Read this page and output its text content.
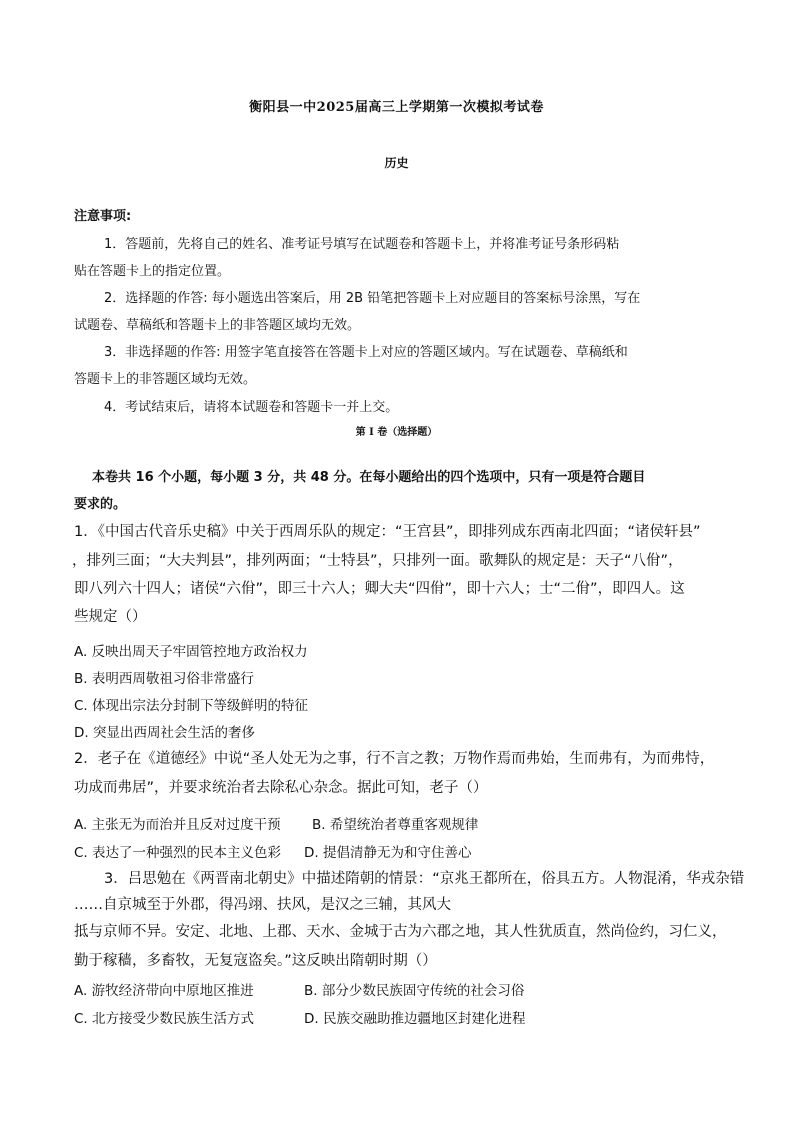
衡阳县一中2025届高三上学期第一次模拟考试卷
历史
注意事项:
1．答题前，先将自己的姓名、准考证号填写在试题卷和答题卡上，并将准考证号条形码粘
贴在答题卡上的指定位置。
2．选择题的作答: 每小题选出答案后，用 2B 铅笔把答题卡上对应题目的答案标号涂黑，写在
试题卷、草稿纸和答题卡上的非答题区域均无效。
3．非选择题的作答: 用签字笔直接答在答题卡上对应的答题区域内。写在试题卷、草稿纸和
答题卡上的非答题区域均无效。
4．考试结束后，请将本试题卷和答题卡一并上交。
第 I 卷（选择题）
本卷共 16 个小题，每小题 3 分，共 48 分。在每小题给出的四个选项中，只有一项是符合题目
要求的。
1．《中国古代音乐史稿》中关于西周乐队的规定：“王宫县”，即排列成东西南北四面；“诸侯轩县”
，排列三面；“大夫判县”，排列两面；“士特县”，只排列一面。歌舞队的规定是：天子“八佾”，
即八列六十四人；诸侯“六佾”，即三十六人；卿大夫“四佾”，即十六人；士“二佾”，即四人。这
些规定（）
A. 反映出周天子牢固管控地方政治权力
B. 表明西周敬祖习俗非常盛行
C. 体现出宗法分封制下等级鲜明的特征
D. 突显出西周社会生活的奢侈
2．老子在《道德经》中说“圣人处无为之事，行不言之教；万物作焉而弗始，生而弗有，为而弗恃，
功成而弗居”，并要求统治者去除私心杂念。据此可知，老子（）
A. 主张无为而治并且反对过度干预 B. 希望统治者尊重客观规律
C. 表达了一种强烈的民本主义色彩 D. 提倡清静无为和守住善心
3．吕思勉在《两晋南北朝史》中描述隋朝的情景：“京兆王都所在，俗具五方。人物混淆，华戎杂错
……自京城至于外郡，得冯翊、扶风，是汉之三辅，其风大
抵与京师不异。安定、北地、上郡、天水、金城于古为六郡之地，其人性犹质直，然尚俭约，习仁义，
勤于稼穑，多畜牧，无复寇盗矣。”这反映出隋朝时期（）
A. 游牧经济带向中原地区推进	B. 部分少数民族固守传统的社会习俗
C. 北方接受少数民族生活方式	D. 民族交融助推边疆地区封建化进程
